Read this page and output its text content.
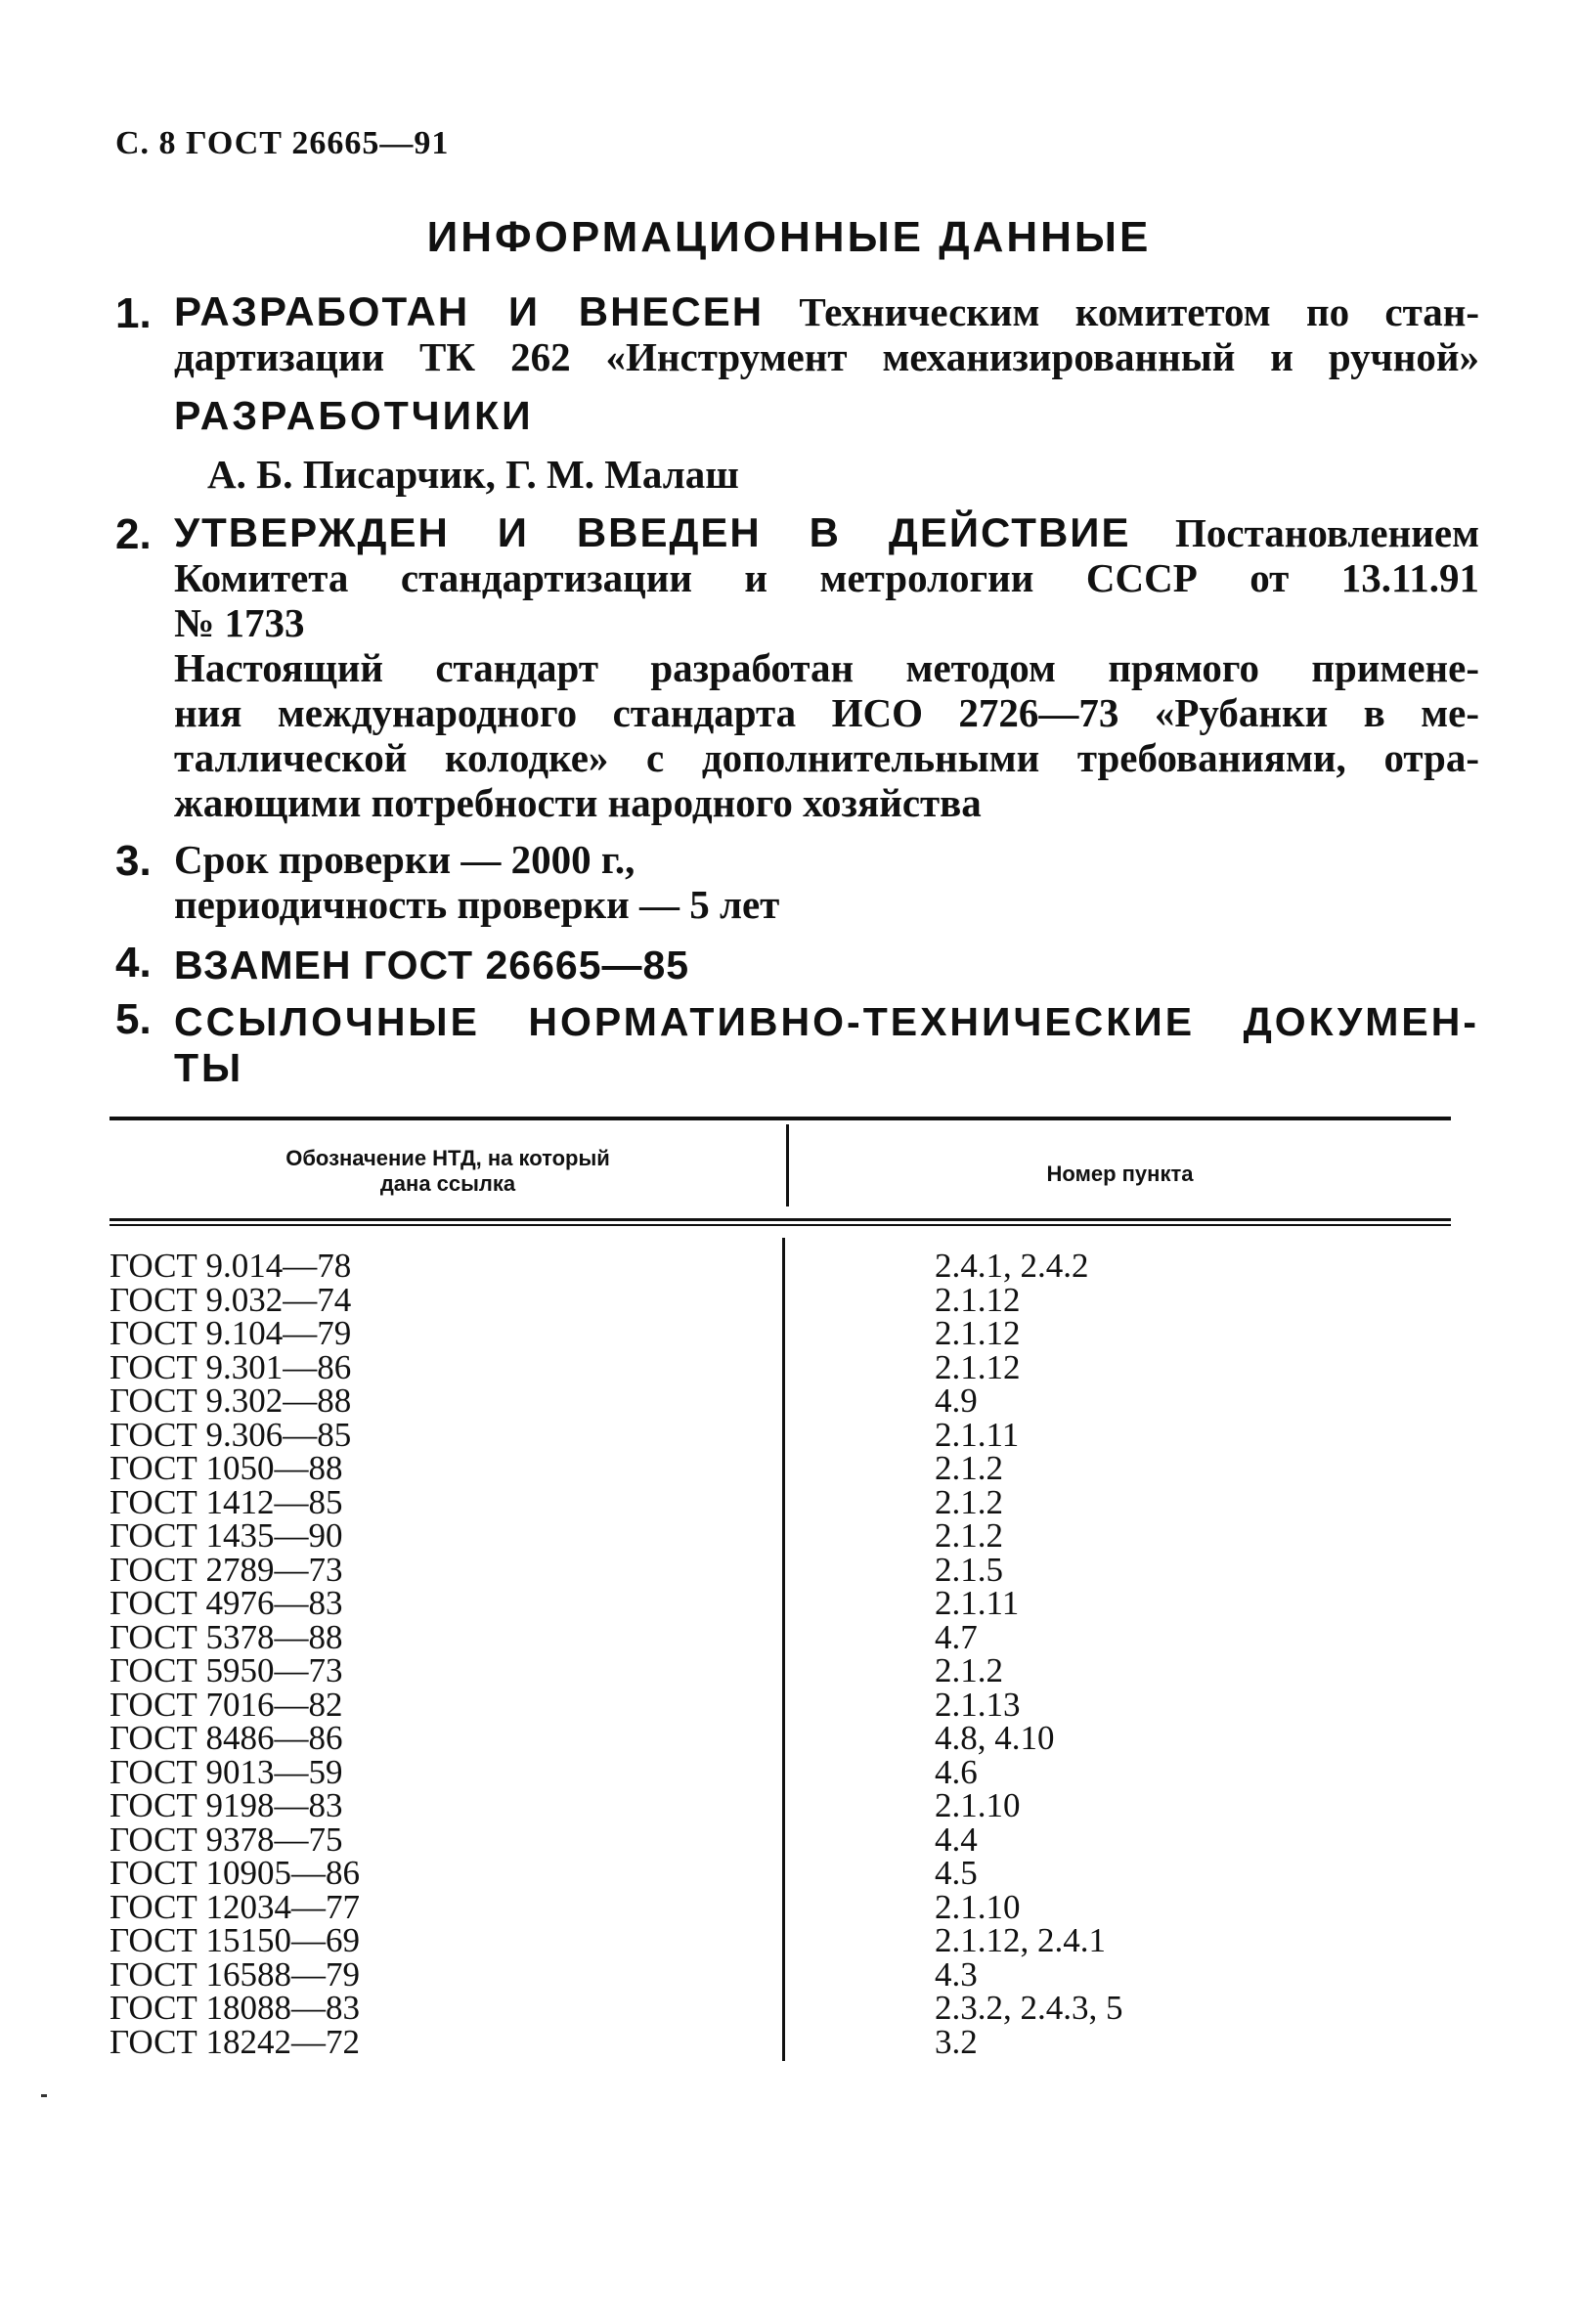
С. 8 ГОСТ 26665—91
ИНФОРМАЦИОННЫЕ ДАННЫЕ
1. РАЗРАБОТАН И ВНЕСЕН Техническим комитетом по стан-
дартизации ТК 262 «Инструмент механизированный и ручной»
РАЗРАБОТЧИКИ
А. Б. Писарчик, Г. М. Малаш
2. УТВЕРЖДЕН И ВВЕДЕН В ДЕЙСТВИЕ Постановлением
Комитета стандартизации и метрологии СССР от 13.11.91
№ 1733
Настоящий стандарт разработан методом прямого примене-
ния международного стандарта ИСО 2726—73 «Рубанки в ме-
таллической колодке» с дополнительными требованиями, отра-
жающими потребности народного хозяйства
3. Срок проверки — 2000 г.,
периодичность проверки — 5 лет
4. ВЗАМЕН ГОСТ 26665—85
5. ССЫЛОЧНЫЕ НОРМАТИВНО-ТЕХНИЧЕСКИЕ ДОКУМЕН-
ТЫ
Обозначение НТД, на который
дана ссылка	Номер пункта
ГОСТ 9.014—78	2.4.1, 2.4.2
ГОСТ 9.032—74	2.1.12
ГОСТ 9.104—79	2.1.12
ГОСТ 9.301—86	2.1.12
ГОСТ 9.302—88	4.9
ГОСТ 9.306—85	2.1.11
ГОСТ 1050—88	2.1.2
ГОСТ 1412—85	2.1.2
ГОСТ 1435—90	2.1.2
ГОСТ 2789—73	2.1.5
ГОСТ 4976—83	2.1.11
ГОСТ 5378—88	4.7
ГОСТ 5950—73	2.1.2
ГОСТ 7016—82	2.1.13
ГОСТ 8486—86	4.8, 4.10
ГОСТ 9013—59	4.6
ГОСТ 9198—83	2.1.10
ГОСТ 9378—75	4.4
ГОСТ 10905—86	4.5
ГОСТ 12034—77	2.1.10
ГОСТ 15150—69	2.1.12, 2.4.1
ГОСТ 16588—79	4.3
ГОСТ 18088—83	2.3.2, 2.4.3, 5
ГОСТ 18242—72	3.2
